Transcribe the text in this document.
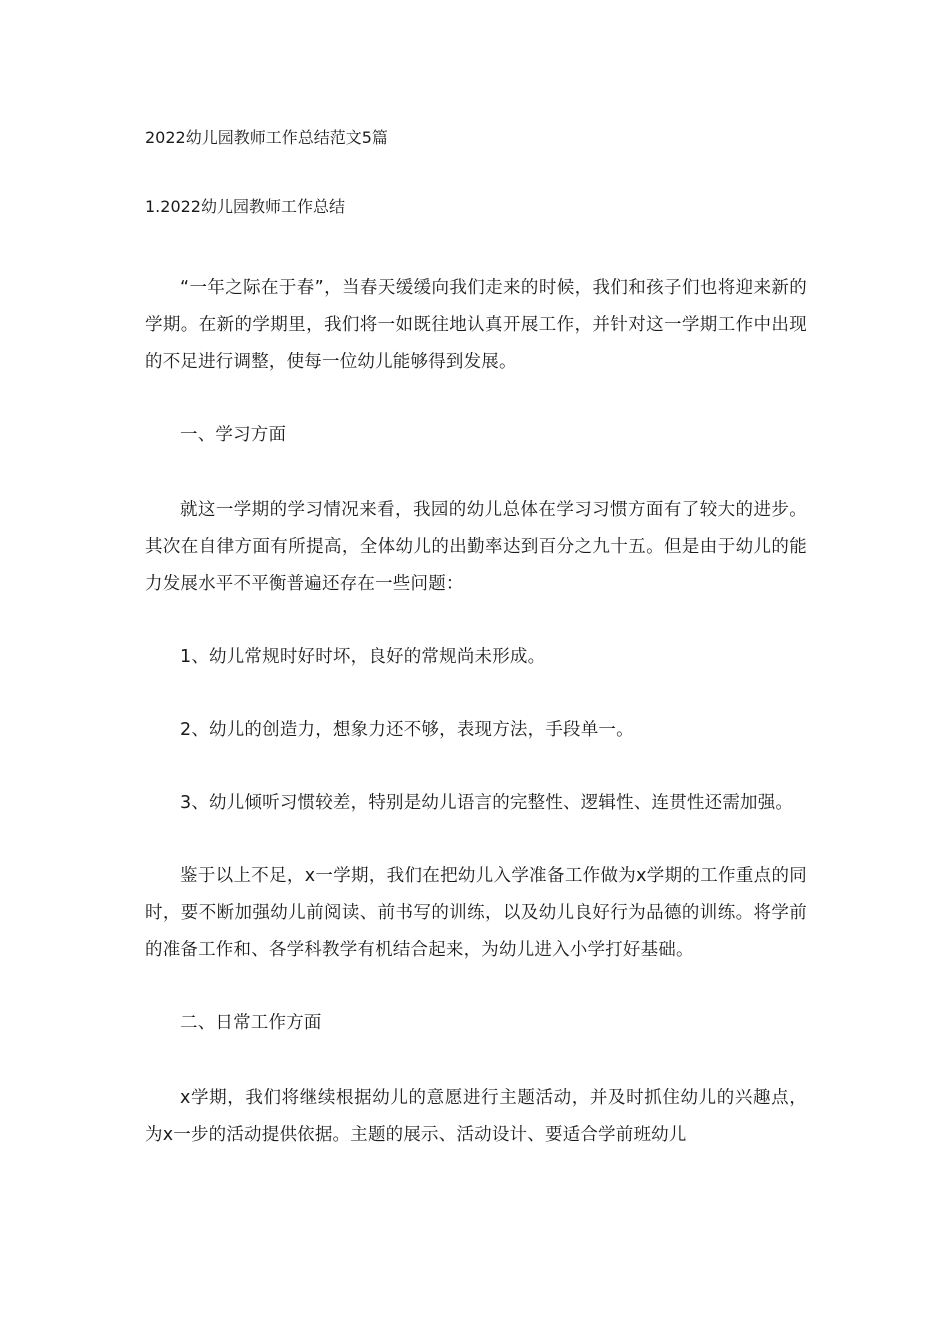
2022幼儿园教师工作总结范文5篇
1.2022幼儿园教师工作总结

“一年之际在于春”，当春天缓缓向我们走来的时候，我们和孩子们也将迎来新的学期。在新的学期里，我们将一如既往地认真开展工作，并针对这一学期工作中出现的不足进行调整，使每一位幼儿能够得到发展。

一、学习方面

就这一学期的学习情况来看，我园的幼儿总体在学习习惯方面有了较大的进步。其次在自律方面有所提高，全体幼儿的出勤率达到百分之九十五。但是由于幼儿的能力发展水平不平衡普遍还存在一些问题：

1、幼儿常规时好时坏，良好的常规尚未形成。

2、幼儿的创造力，想象力还不够，表现方法，手段单一。

3、幼儿倾听习惯较差，特别是幼儿语言的完整性、逻辑性、连贯性还需加强。

鉴于以上不足，x一学期，我们在把幼儿入学准备工作做为x学期的工作重点的同时，要不断加强幼儿前阅读、前书写的训练，以及幼儿良好行为品德的训练。将学前的准备工作和、各学科教学有机结合起来，为幼儿进入小学打好基础。

二、日常工作方面

x学期，我们将继续根据幼儿的意愿进行主题活动，并及时抓住幼儿的兴趣点，为x一步的活动提供依据。主题的展示、活动设计、要适合学前班幼儿
